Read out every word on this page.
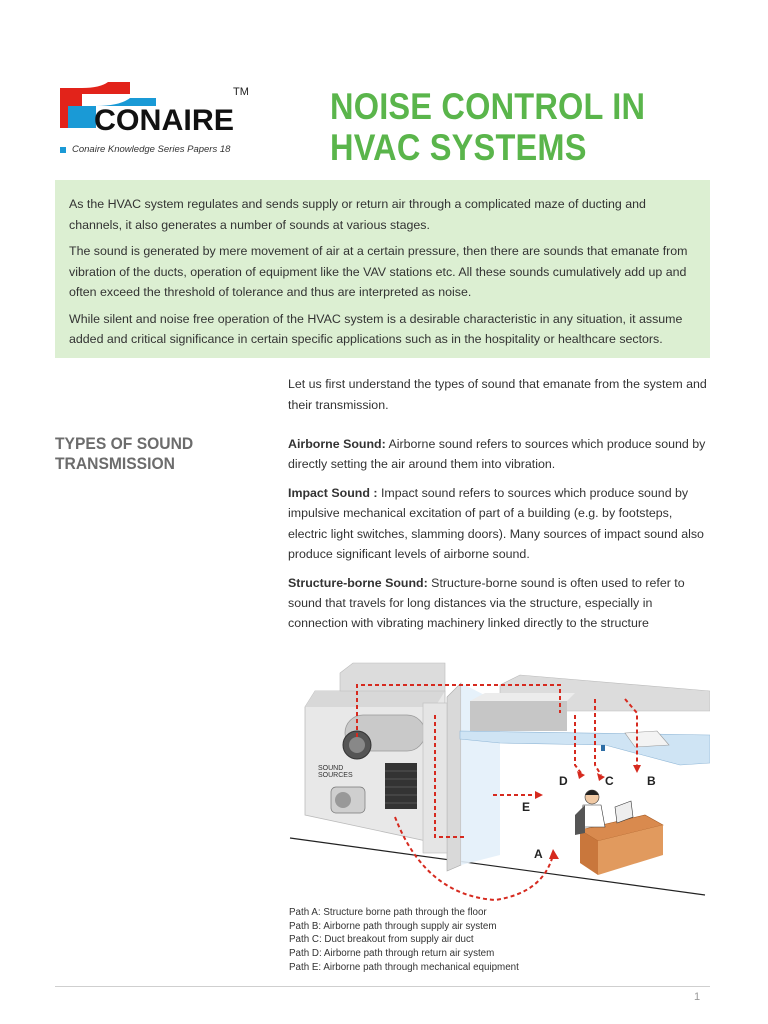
CONAIRE
TM
Conaire Knowledge Series Papers 18
NOISE CONTROL IN
HVAC SYSTEMS

As the HVAC system regulates and sends supply or return air through a complicated maze of ducting and channels, it also generates a number of sounds at various stages.

The sound is generated by mere movement of air at a certain pressure, then there are sounds that emanate from vibration of the ducts, operation of equipment like the VAV stations etc. All these sounds cumulatively add up and often exceed the threshold of tolerance and thus are interpreted as noise.

While silent and noise free operation of the HVAC system is a desirable characteristic in any situation, it assume added and critical significance in certain specific applications such as in the hospitality or healthcare sectors.

Let us first understand the types of sound that emanate from the system and their transmission.

TYPES OF SOUND
TRANSMISSION

Airborne Sound: Airborne sound refers to sources which produce sound by directly setting the air around them into vibration.

Impact Sound : Impact sound refers to sources which produce sound by impulsive mechanical excitation of part of a building (e.g. by footsteps, electric light switches, slamming doors). Many sources of impact sound also produce significant levels of airborne sound.

Structure-borne Sound: Structure-borne sound is often used to refer to sound that travels for long distances via the structure, especially in connection with vibrating machinery linked directly to the structure

SOUND
SOURCES
A
B
C
D
E
Path A: Structure borne path through the floor
Path B: Airborne path through supply air system
Path C: Duct breakout from supply air duct
Path D: Airborne path through return air system
Path E: Airborne path through mechanical equipment
1
